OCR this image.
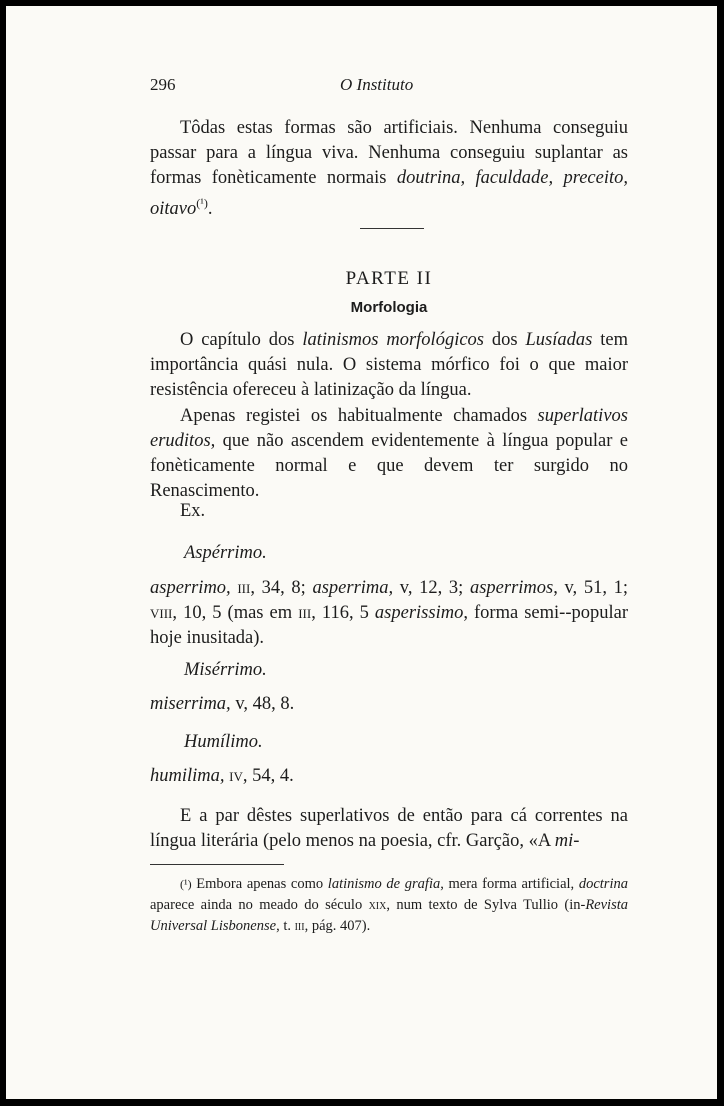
296	O Instituto

Tôdas estas formas são artificiais. Nenhuma conseguiu passar para a língua viva. Nenhuma conseguiu suplantar as formas fonèticamente normais doutrina, faculdade, preceito, oitavo$^{(^1)}$.

PARTE II
Morfologia

O capítulo dos latinismos morfológicos dos Lusíadas tem importância quási nula. O sistema mórfico foi o que maior resistência ofereceu à latinização da língua.

Apenas registei os habitualmente chamados superlativos eruditos, que não ascendem evidentemente à língua popular e fonèticamente normal e que devem ter surgido no Renascimento.

Ex.

Aspérrimo.

asperrimo, iii, 34, 8; asperrima, v, 12, 3; asperrimos, v, 51, 1; viii, 10, 5 (mas em iii, 116, 5 asperissimo, forma semi--popular hoje inusitada).

Misérrimo.

miserrima, v, 48, 8.

Humílimo.

humilima, iv, 54, 4.

E a par dêstes superlativos de então para cá correntes na língua literária (pelo menos na poesia, cfr. Garção, «A mi-

(¹) Embora apenas como latinismo de grafia, mera forma artificial, doctrina aparece ainda no meado do século xix, num texto de Sylva Tullio (in-Revista Universal Lisbonense, t. iii, pág. 407).
